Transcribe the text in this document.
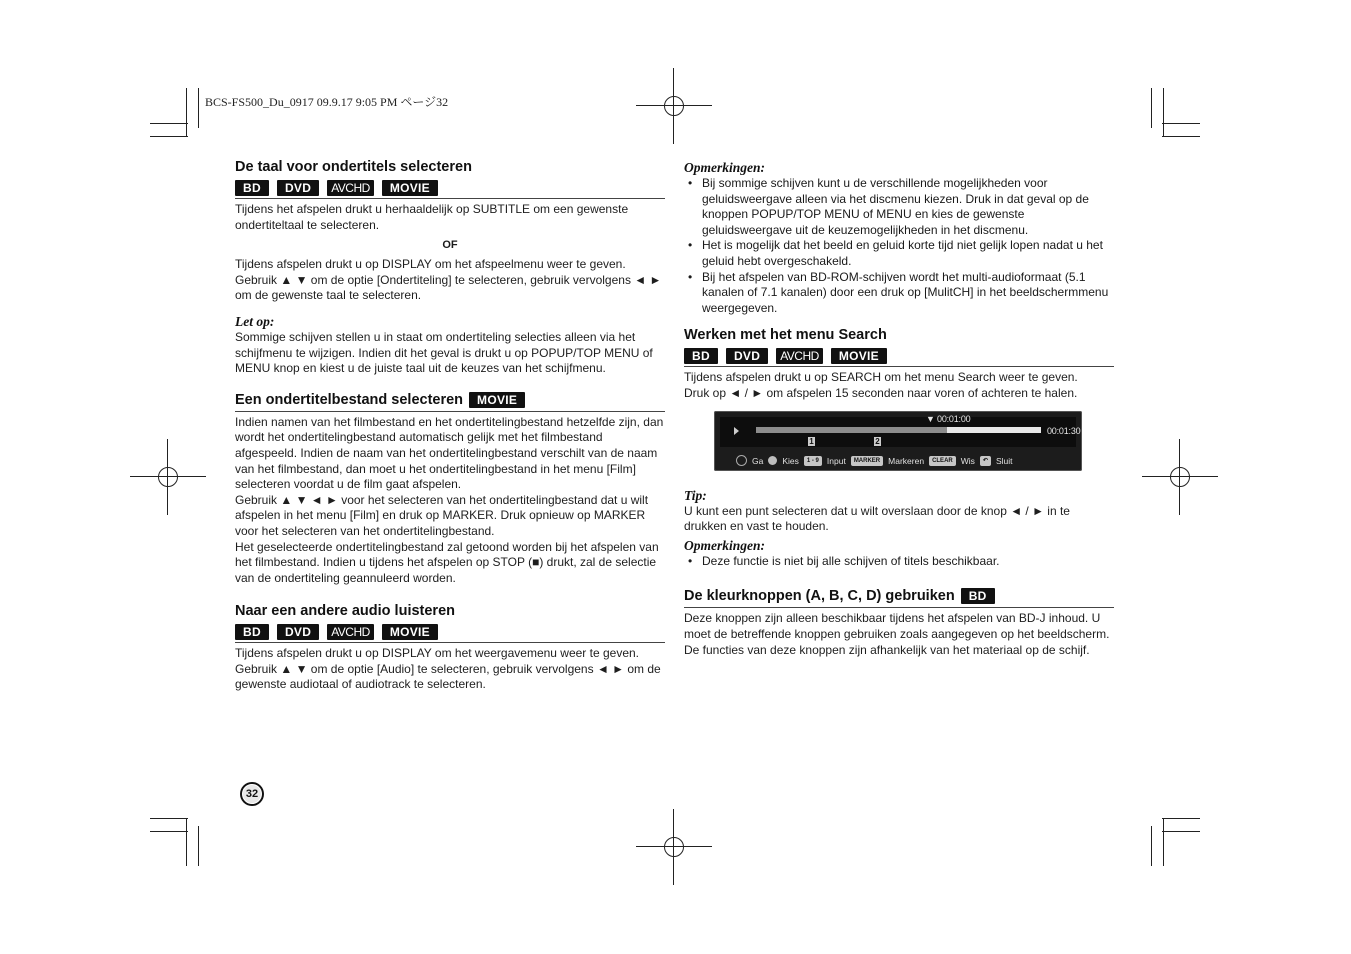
BCS-FS500_Du_0917 09.9.17 9:05 PM ページ32
De taal voor ondertitels selecteren
BD	DVD	AVCHD	MOVIE

Tijdens het afspelen drukt u herhaaldelijk op SUBTITLE om een gewenste ondertiteltaal te selecteren.

OF

Tijdens afspelen drukt u op DISPLAY om het afspeelmenu weer te geven. Gebruik ▲ ▼ om de optie [Ondertiteling] te selecteren, gebruik vervolgens ◄ ► om de gewenste taal te selecteren.

Let op:

Sommige schijven stellen u in staat om ondertiteling selecties alleen via het schijfmenu te wijzigen. Indien dit het geval is drukt u op POPUP/TOP MENU of MENU knop en kiest u de juiste taal uit de keuzes van het schijfmenu.

Een ondertitelbestand selecteren	MOVIE

Indien namen van het filmbestand en het ondertitelingbestand hetzelfde zijn, dan wordt het ondertitelingbestand automatisch gelijk met het filmbestand afgespeeld. Indien de naam van het ondertitelingbestand verschilt van de naam van het filmbestand, dan moet u het ondertitelingbestand in het menu [Film] selecteren voordat u de film gaat afspelen.

Gebruik ▲ ▼ ◄ ► voor het selecteren van het ondertitelingbestand dat u wilt afspelen in het menu [Film] en druk op MARKER. Druk opnieuw op MARKER voor het selecteren van het ondertitelingbestand.

Het geselecteerde ondertitelingbestand zal getoond worden bij het afspelen van het filmbestand. Indien u tijdens het afspelen op STOP (■) drukt, zal de selectie van de ondertiteling geannuleerd worden.

Naar een andere audio luisteren
BD	DVD	AVCHD	MOVIE

Tijdens afspelen drukt u op DISPLAY om het weergavemenu weer te geven.

Gebruik ▲ ▼ om de optie [Audio] te selecteren, gebruik vervolgens ◄ ► om de gewenste audiotaal of audiotrack te selecteren.

32
Opmerkingen:
• Bij sommige schijven kunt u de verschillende mogelijkheden voor geluidsweergave alleen via het discmenu kiezen. Druk in dat geval op de knoppen POPUP/TOP MENU of MENU en kies de gewenste geluidsweergave uit de keuzemogelijkheden in het discmenu.
• Het is mogelijk dat het beeld en geluid korte tijd niet gelijk lopen nadat u het geluid hebt overgeschakeld.
• Bij het afspelen van BD-ROM-schijven wordt het multi-audioformaat (5.1 kanalen of 7.1 kanalen) door een druk op [MulitCH] in het beeldschermmenu weergegeven.
Werken met het menu Search
BD	DVD	AVCHD	MOVIE

Tijdens afspelen drukt u op SEARCH om het menu Search weer te geven.

Druk op ◄ / ► om afspelen 15 seconden naar voren of achteren te halen.

Tip:

U kunt een punt selecteren dat u wilt overslaan door de knop ◄ / ► in te drukken en vast te houden.

Opmerkingen:
• Deze functie is niet bij alle schijven of titels beschikbaar.
De kleurknoppen (A, B, C, D) gebruiken	BD

Deze knoppen zijn alleen beschikbaar tijdens het afspelen van BD-J inhoud. U moet de betreffende knoppen gebruiken zoals aangegeven op het beeldscherm. De functies van deze knoppen zijn afhankelijk van het materiaal op de schijf.

▼ 00:01:00
00:01:30
1	2
Ga Kies	1 - 9 Input	MARKER Markeren	CLEAR Wis	↶ Sluit
